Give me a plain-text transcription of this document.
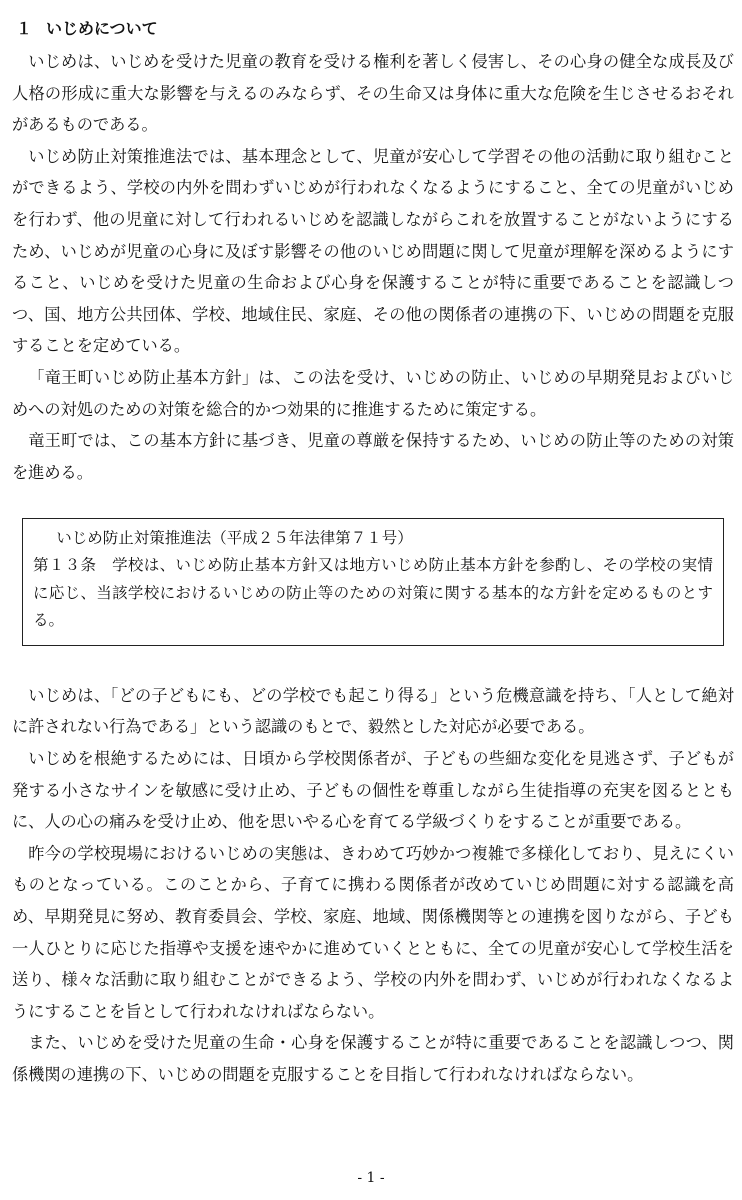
１ いじめについて

いじめは、いじめを受けた児童の教育を受ける権利を著しく侵害し、その心身の健全な成長及び人格の形成に重大な影響を与えるのみならず、その生命又は身体に重大な危険を生じさせるおそれがあるものである。

いじめ防止対策推進法では、基本理念として、児童が安心して学習その他の活動に取り組むことができるよう、学校の内外を問わずいじめが行われなくなるようにすること、全ての児童がいじめを行わず、他の児童に対して行われるいじめを認識しながらこれを放置することがないようにするため、いじめが児童の心身に及ぼす影響その他のいじめ問題に関して児童が理解を深めるようにすること、いじめを受けた児童の生命および心身を保護することが特に重要であることを認識しつつ、国、地方公共団体、学校、地域住民、家庭、その他の関係者の連携の下、いじめの問題を克服することを定めている。

「竜王町いじめ防止基本方針」は、この法を受け、いじめの防止、いじめの早期発見およびいじめへの対処のための対策を総合的かつ効果的に推進するために策定する。

竜王町では、この基本方針に基づき、児童の尊厳を保持するため、いじめの防止等のための対策を進める。

いじめ防止対策推進法（平成２５年法律第７１号）

第１３条　学校は、いじめ防止基本方針又は地方いじめ防止基本方針を参酌し、その学校の実情に応じ、当該学校におけるいじめの防止等のための対策に関する基本的な方針を定めるものとする。

いじめは、「どの子どもにも、どの学校でも起こり得る」という危機意識を持ち、「人として絶対に許されない行為である」という認識のもとで、毅然とした対応が必要である。

いじめを根絶するためには、日頃から学校関係者が、子どもの些細な変化を見逃さず、子どもが発する小さなサインを敏感に受け止め、子どもの個性を尊重しながら生徒指導の充実を図るとともに、人の心の痛みを受け止め、他を思いやる心を育てる学級づくりをすることが重要である。

昨今の学校現場におけるいじめの実態は、きわめて巧妙かつ複雑で多様化しており、見えにくいものとなっている。このことから、子育てに携わる関係者が改めていじめ問題に対する認識を高め、早期発見に努め、教育委員会、学校、家庭、地域、関係機関等との連携を図りながら、子ども一人ひとりに応じた指導や支援を速やかに進めていくとともに、全ての児童が安心して学校生活を送り、様々な活動に取り組むことができるよう、学校の内外を問わず、いじめが行われなくなるようにすることを旨として行われなければならない。

また、いじめを受けた児童の生命・心身を保護することが特に重要であることを認識しつつ、関係機関の連携の下、いじめの問題を克服することを目指して行われなければならない。

- 1 -
